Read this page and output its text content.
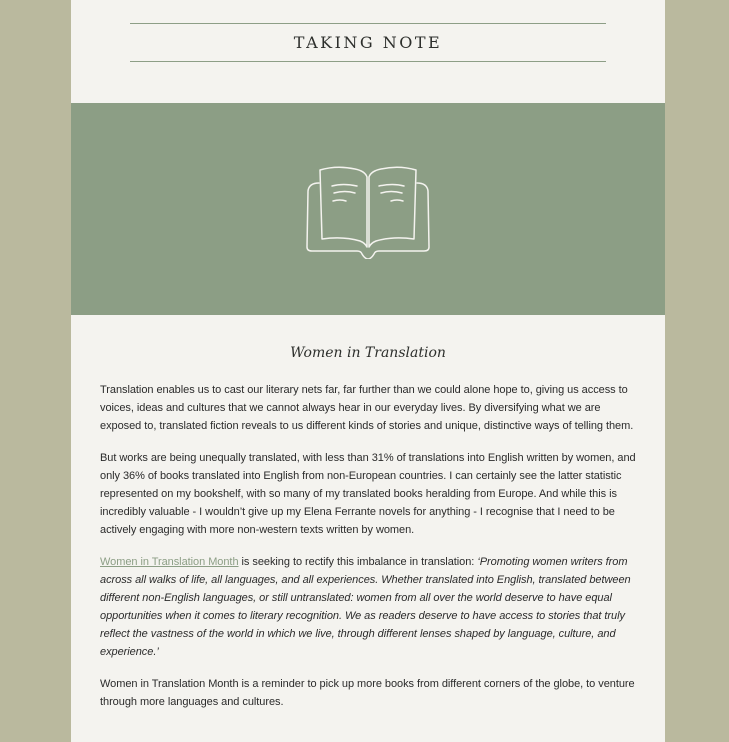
TAKING NOTE
Women in Translation

Translation enables us to cast our literary nets far, far further than we could alone hope to, giving us access to voices, ideas and cultures that we cannot always hear in our everyday lives. By diversifying what we are exposed to, translated fiction reveals to us different kinds of stories and unique, distinctive ways of telling them.

But works are being unequally translated, with less than 31% of translations into English written by women, and only 36% of books translated into English from non-European countries. I can certainly see the latter statistic represented on my bookshelf, with so many of my translated books heralding from Europe. And while this is incredibly valuable - I wouldn’t give up my Elena Ferrante novels for anything - I recognise that I need to be actively engaging with more non-western texts written by women.

Women in Translation Month is seeking to rectify this imbalance in translation: ‘Promoting women writers from across all walks of life, all languages, and all experiences. Whether translated into English, translated between different non-English languages, or still untranslated: women from all over the world deserve to have equal opportunities when it comes to literary recognition. We as readers deserve to have access to stories that truly reflect the vastness of the world in which we live, through different lenses shaped by language, culture, and experience.’

Women in Translation Month is a reminder to pick up more books from different corners of the globe, to venture through more languages and cultures.
